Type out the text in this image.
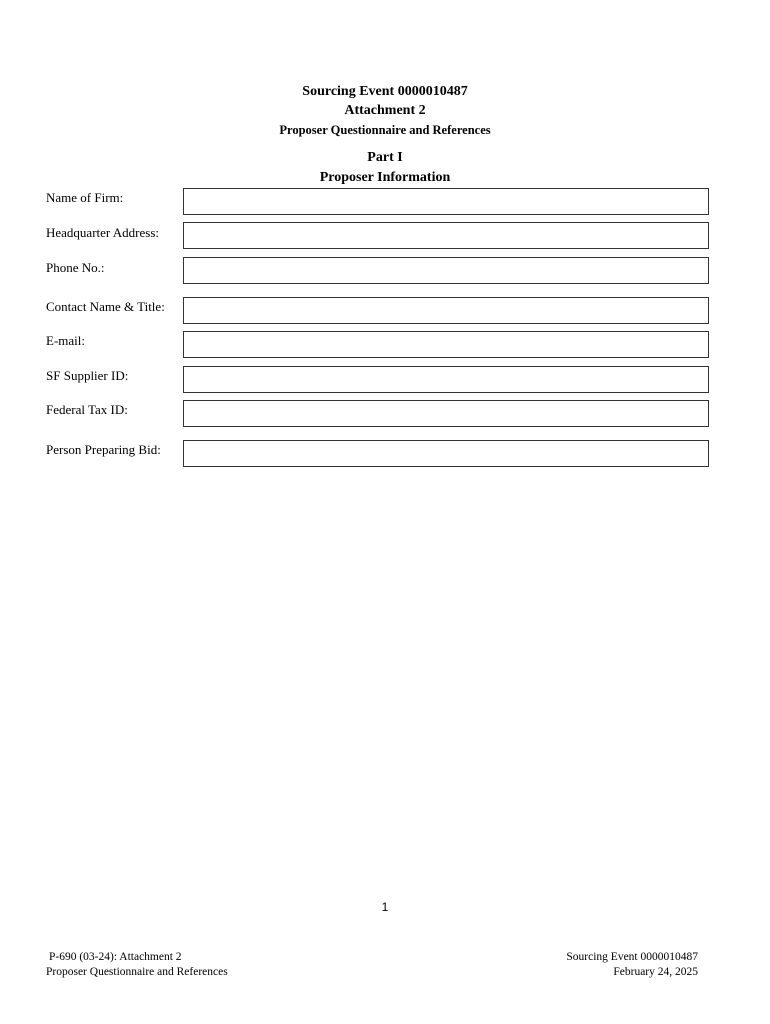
Sourcing Event 0000010487
Attachment 2
Proposer Questionnaire and References
Part I
Proposer Information
Name of Firm:
Headquarter Address:
Phone No.:
Contact Name & Title:
E-mail:
SF Supplier ID:
Federal Tax ID:
Person Preparing Bid:
1
P-690 (03-24): Attachment 2
Proposer Questionnaire and References
Sourcing Event 0000010487
February 24, 2025
